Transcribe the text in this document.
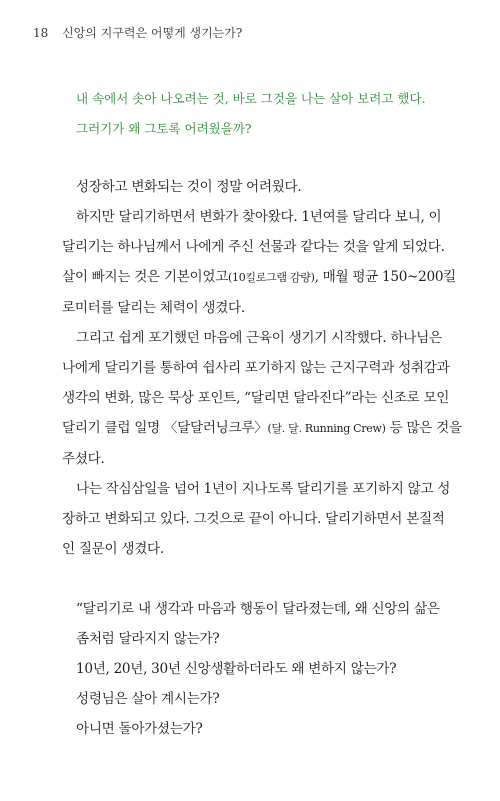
18 신앙의 지구력은 어떻게 생기는가?
내 속에서 솟아 나오려는 것, 바로 그것을 나는 살아 보려고 했다.
그러기가 왜 그토록 어려웠을까?
성장하고 변화되는 것이 정말 어려웠다.
하지만 달리기하면서 변화가 찾아왔다. 1년여를 달리다 보니, 이
달리기는 하나님께서 나에게 주신 선물과 같다는 것을 알게 되었다.
살이 빠지는 것은 기본이었고(10킬로그램 감량), 매월 평균 150~200킬
로미터를 달리는 체력이 생겼다.
그리고 쉽게 포기했던 마음에 근육이 생기기 시작했다. 하나님은
나에게 달리기를 통하여 쉽사리 포기하지 않는 근지구력과 성취감과
생각의 변화, 많은 묵상 포인트, “달리면 달라진다”라는 신조로 모인
달리기 클럽 일명 〈달달러닝크루〉(달. 달. Running Crew) 등 많은 것을
주셨다.
나는 작심삼일을 넘어 1년이 지나도록 달리기를 포기하지 않고 성
장하고 변화되고 있다. 그것으로 끝이 아니다. 달리기하면서 본질적
인 질문이 생겼다.
“달리기로 내 생각과 마음과 행동이 달라졌는데, 왜 신앙의 삶은
좀처럼 달라지지 않는가?
10년, 20년, 30년 신앙생활하더라도 왜 변하지 않는가?
성령님은 살아 계시는가?
아니면 돌아가셨는가?
